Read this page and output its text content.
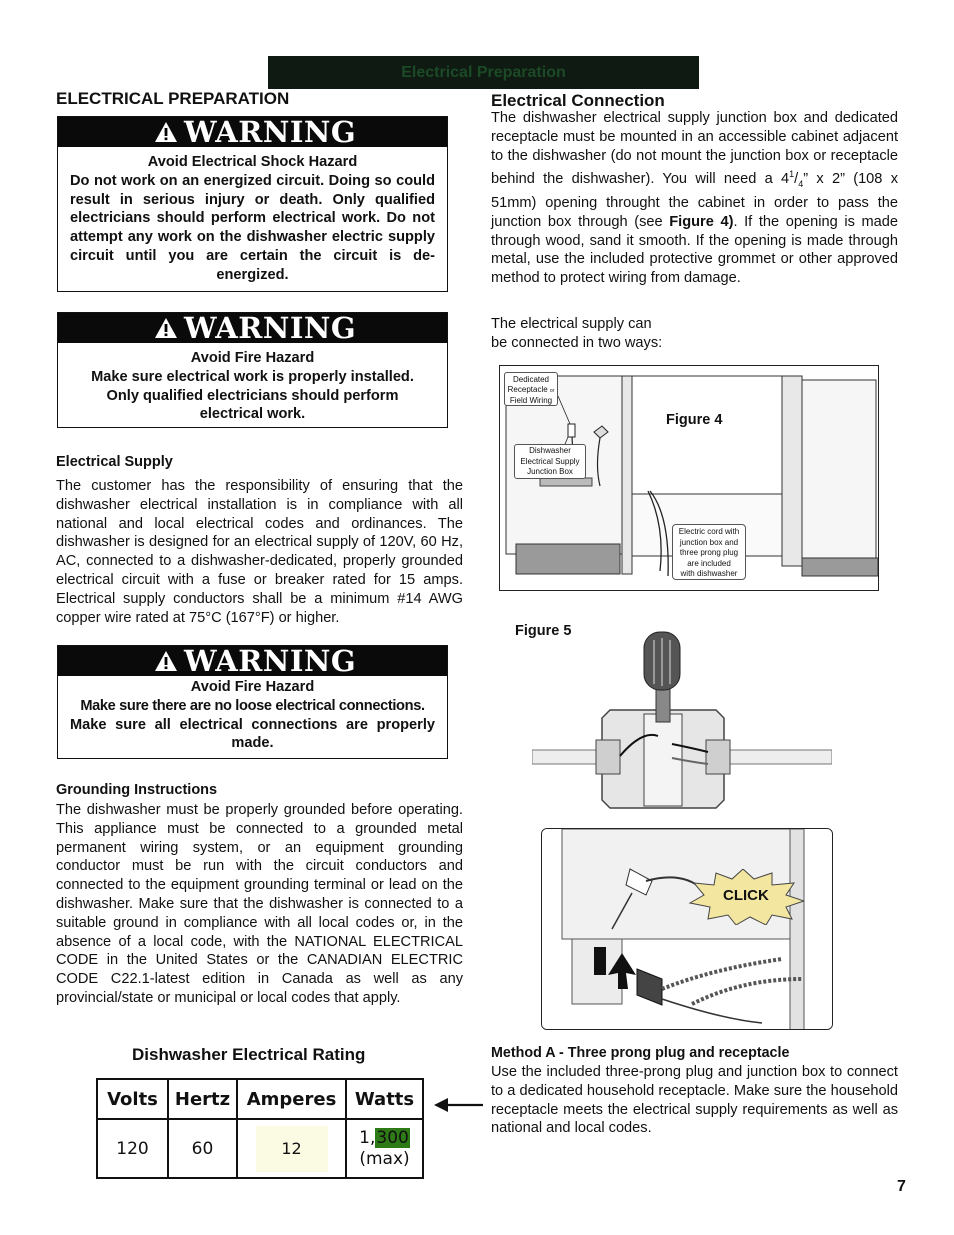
Electrical Preparation
ELECTRICAL PREPARATION
WARNING
Avoid Electrical Shock Hazard
Do not work on an energized circuit. Doing so could result in serious injury or death. Only qualified electricians should perform electrical work. Do not attempt any work on the dishwasher electric supply circuit until you are certain the circuit is de-energized.
WARNING
Avoid Fire Hazard
Make sure electrical work is properly installed. Only qualified electricians should perform electrical work.
Electrical Supply
The customer has the responsibility of ensuring that the dishwasher electrical installation is in compliance with all national and local electrical codes and ordinances. The dishwasher is designed for an electrical supply of 120V, 60 Hz, AC, connected to a dishwasher-dedicated, properly grounded electrical circuit with a fuse or breaker rated for 15 amps. Electrical supply conductors shall be a minimum #14 AWG copper wire rated at 75°C (167°F) or higher.
WARNING
Avoid Fire Hazard
Make sure there are no loose electrical connections.
Make sure all electrical connections are properly made.
Grounding Instructions
The dishwasher must be properly grounded before operating. This appliance must be connected to a grounded metal permanent wiring system, or an equipment grounding conductor must be run with the circuit conductors and connected to the equipment grounding terminal or lead on the dishwasher. Make sure that the dishwasher is connected to a suitable ground in compliance with all local codes or, in the absence of a local code, with the NATIONAL ELECTRICAL CODE in the United States or the CANADIAN ELECTRIC CODE C22.1-latest edition in Canada as well as any provincial/state or municipal or local codes that apply.
Dishwasher Electrical Rating
Volts	Hertz	Amperes	Watts
120	60	12	1,300
(max)
Electrical Connection
The dishwasher electrical supply junction box and dedicated receptacle must be mounted in an accessible cabinet adjacent to the dishwasher (do not mount the junction box or receptacle behind the dishwasher). You will need a $4^1/_4$” x 2” (108 x 51mm) opening throught the cabinet in order to pass the junction box through (see Figure 4). If the opening is made through wood, sand it smooth. If the opening is made through metal, use the included protective grommet or other approved method to protect wiring from damage.
The electrical supply can
be connected in two ways:
Dedicated
Receptacle or
Field Wiring
Dishwasher
Electrical Supply
Junction Box
Figure 4
Electric cord with
junction box and
three prong plug
are included
with dishwasher
Figure 5
CLICK
Method A - Three prong plug and receptacle
Use the included three-prong plug and junction box to connect to a dedicated household receptacle. Make sure the household receptacle meets the electrical supply requirements as well as national and local codes.
7
